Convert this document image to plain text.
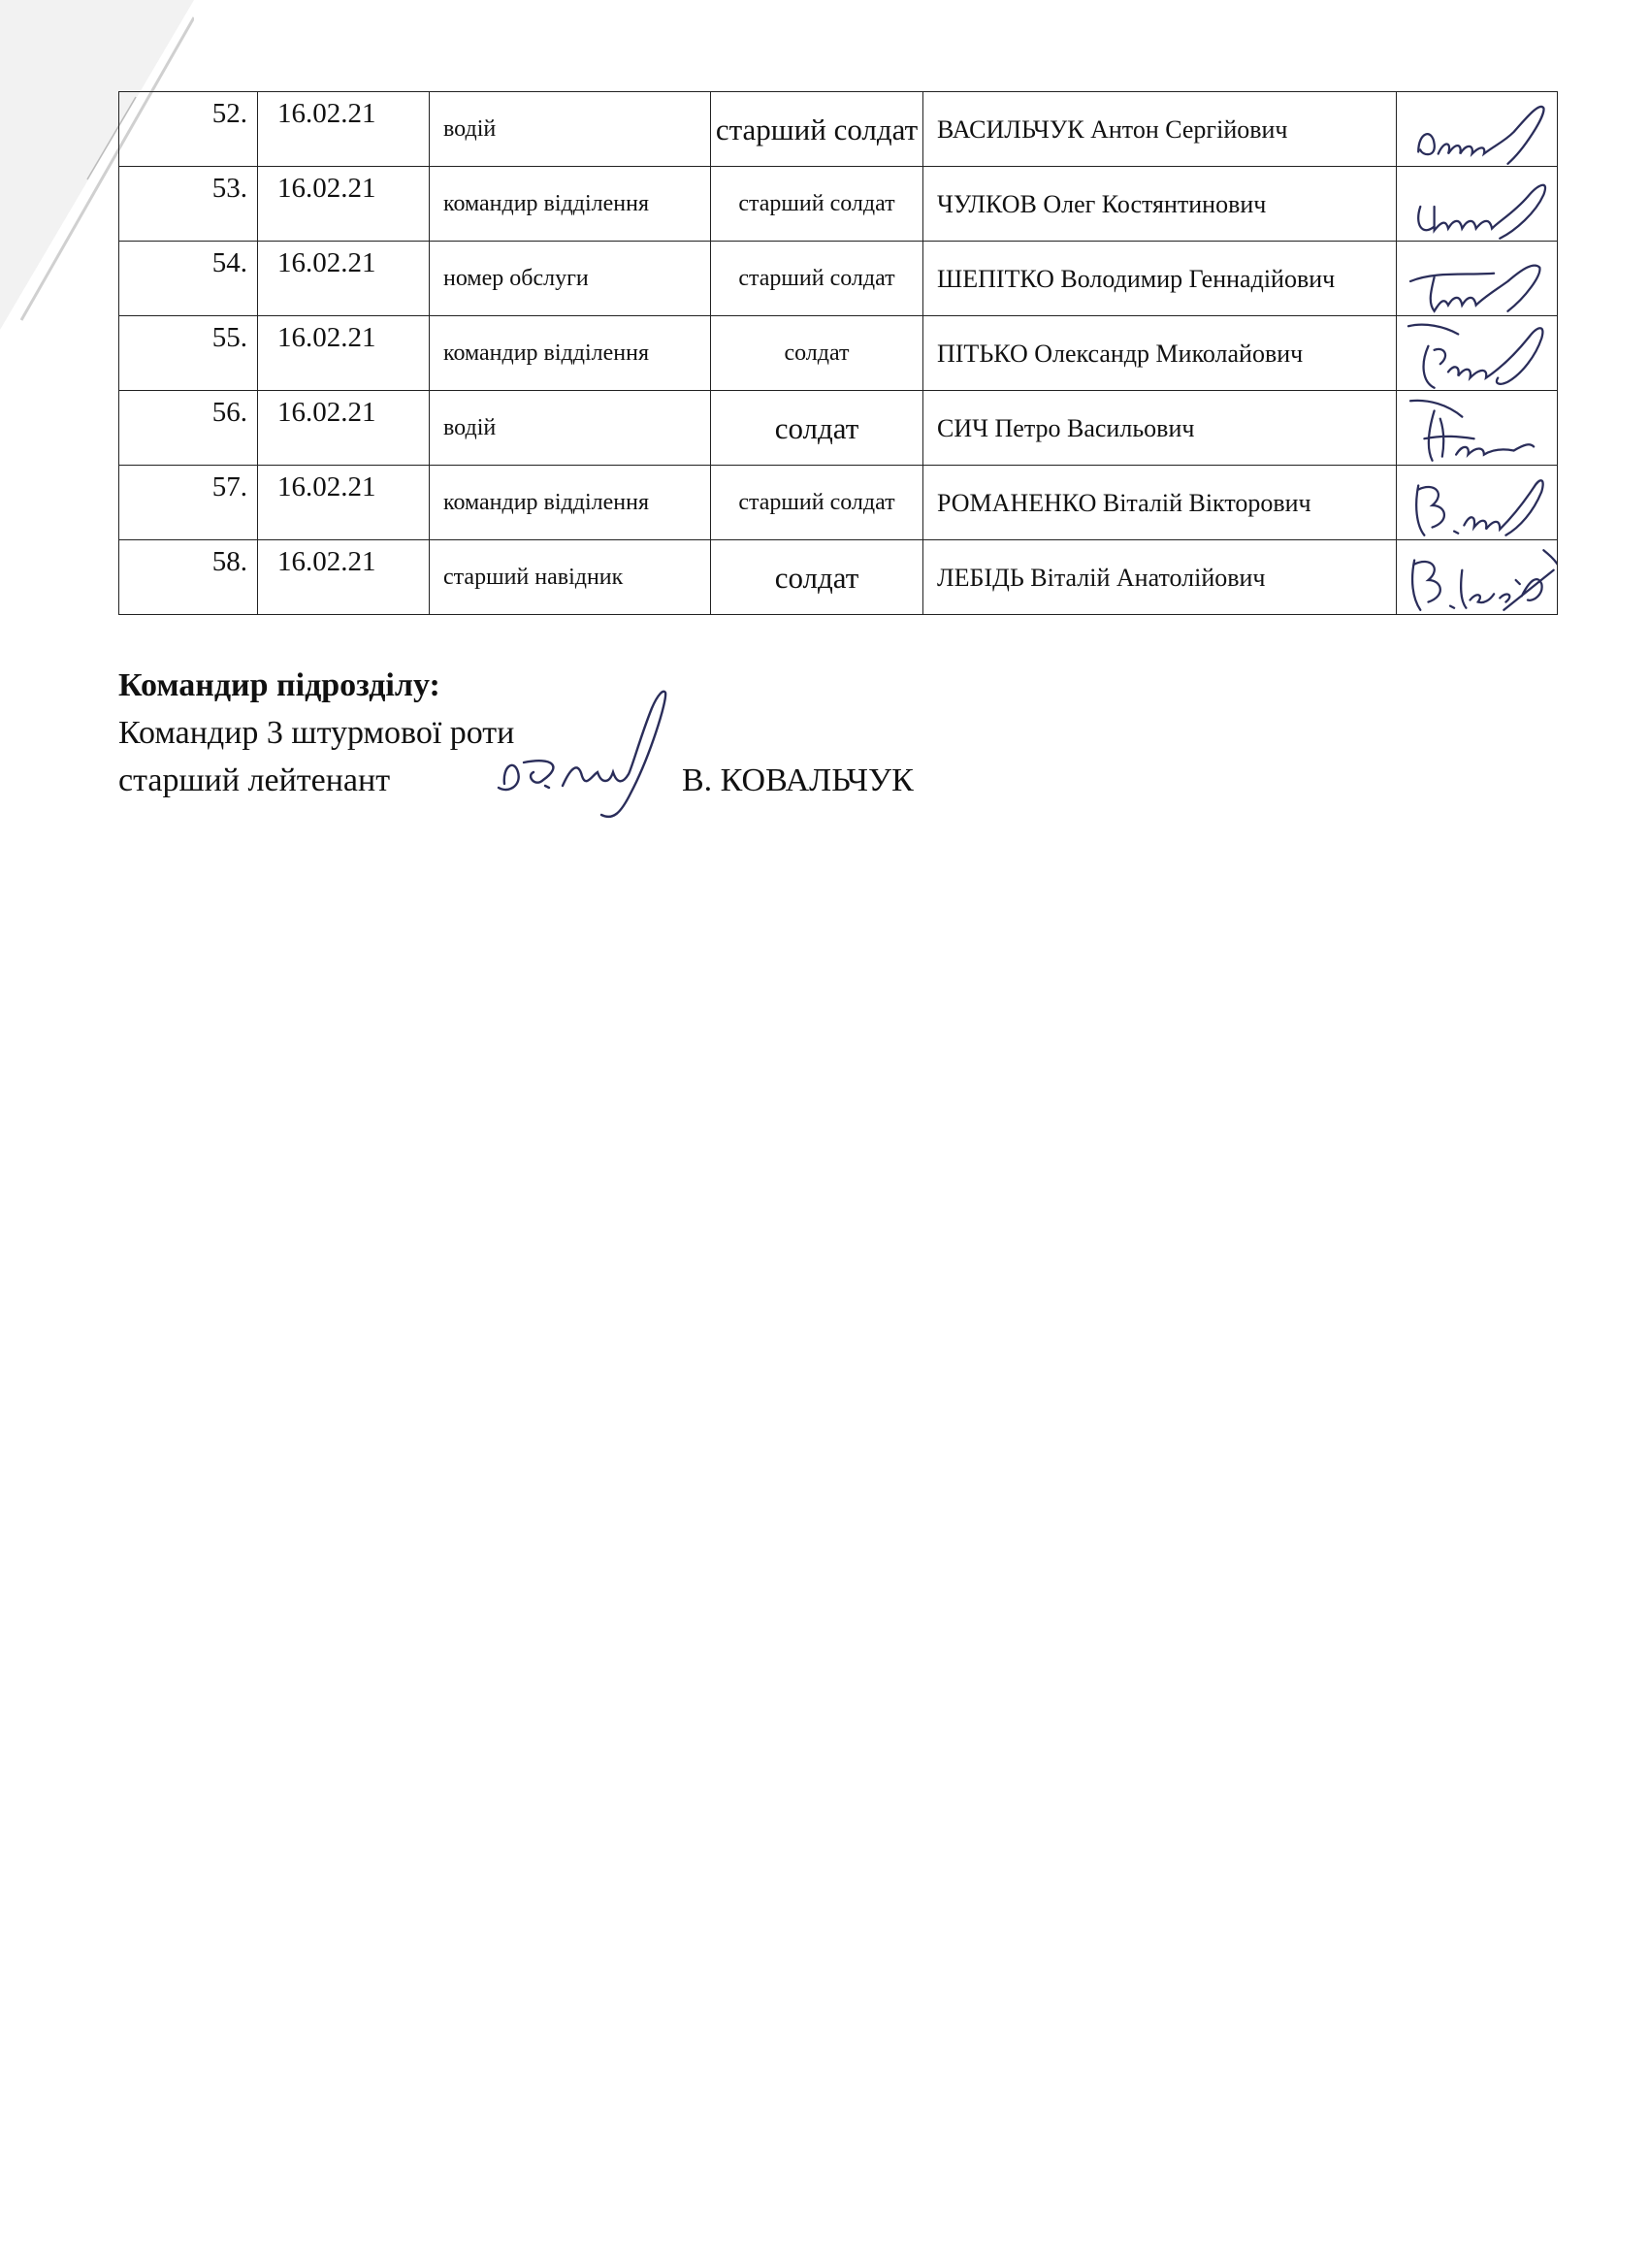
52.	16.02.21	водій	старший солдат	ВАСИЛЬЧУК Антон Сергійович	

53.	16.02.21	командир відділення	старший солдат	ЧУЛКОВ Олег Костянтинович	

54.	16.02.21	номер обслуги	старший солдат	ШЕПІТКО Володимир Геннадійович	

55.	16.02.21	командир відділення	солдат	ПІТЬКО Олександр Миколайович	

56.	16.02.21	водій	солдат	СИЧ Петро Васильович	

57.	16.02.21	командир відділення	старший солдат	РОМАНЕНКО Віталій Вікторович	

58.	16.02.21	старший навідник	солдат	ЛЕБІДЬ Віталій Анатолійович	
Командир підрозділу:
Командир 3 штурмової роти
старший лейтенант	В. КОВАЛЬЧУК
